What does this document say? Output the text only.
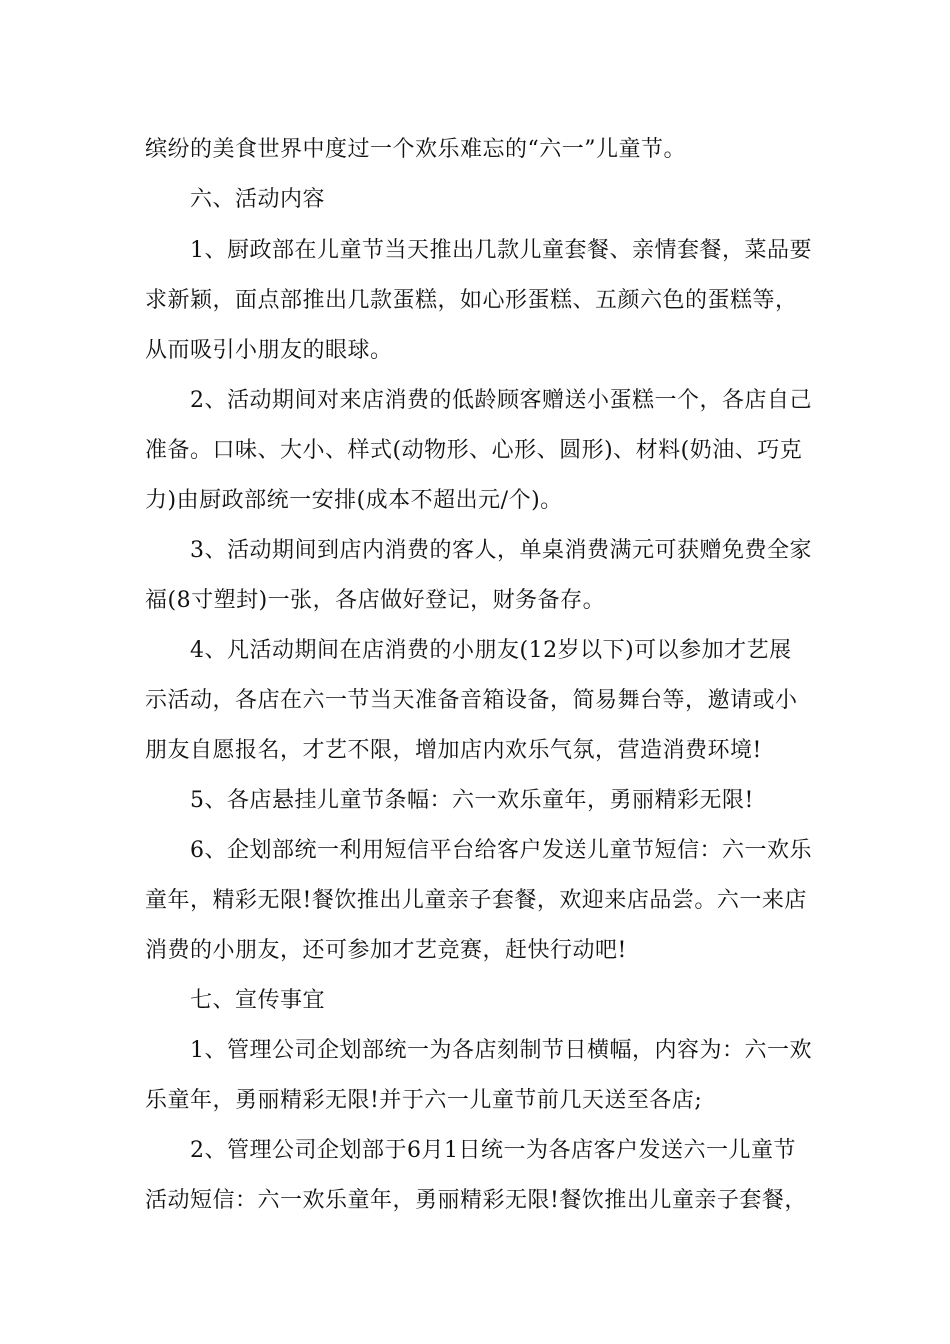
缤纷的美食世界中度过一个欢乐难忘的“六一”儿童节。
六、活动内容
1、厨政部在儿童节当天推出几款儿童套餐、亲情套餐，菜品要
求新颖，面点部推出几款蛋糕，如心形蛋糕、五颜六色的蛋糕等，
从而吸引小朋友的眼球。
2、活动期间对来店消费的低龄顾客赠送小蛋糕一个，各店自己
准备。口味、大小、样式(动物形、心形、圆形)、材料(奶油、巧克
力)由厨政部统一安排(成本不超出元/个)。
3、活动期间到店内消费的客人，单桌消费满元可获赠免费全家
福(8寸塑封)一张，各店做好登记，财务备存。
4、凡活动期间在店消费的小朋友(12岁以下)可以参加才艺展
示活动，各店在六一节当天准备音箱设备，简易舞台等，邀请或小
朋友自愿报名，才艺不限，增加店内欢乐气氛，营造消费环境!
5、各店悬挂儿童节条幅：六一欢乐童年，勇丽精彩无限!
6、企划部统一利用短信平台给客户发送儿童节短信：六一欢乐
童年，精彩无限!餐饮推出儿童亲子套餐，欢迎来店品尝。六一来店
消费的小朋友，还可参加才艺竞赛，赶快行动吧!
七、宣传事宜
1、管理公司企划部统一为各店刻制节日横幅，内容为：六一欢
乐童年，勇丽精彩无限!并于六一儿童节前几天送至各店;
2、管理公司企划部于6月1日统一为各店客户发送六一儿童节
活动短信：六一欢乐童年，勇丽精彩无限!餐饮推出儿童亲子套餐，
